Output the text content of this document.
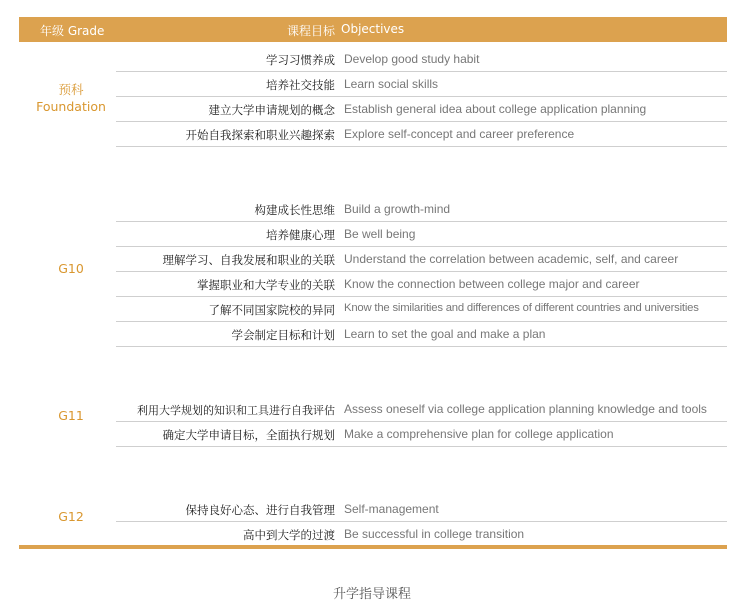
年级 Grade	课程目标 Objectives
预科
Foundation
学习习惯养成 Develop good study habit
培养社交技能 Learn social skills
建立大学申请规划的概念 Establish general idea about college application planning
开始自我探索和职业兴趣探索 Explore self-concept and career preference
G10
构建成长性思维 Build a growth-mind
培养健康心理 Be well being
理解学习、自我发展和职业的关联 Understand the correlation between academic, self, and career
掌握职业和大学专业的关联 Know the connection between college major and career
了解不同国家院校的异同 Know the similarities and differences of different countries and universities
学会制定目标和计划 Learn to set the goal and make a plan
G11	利用大学规划的知识和工具进行自我评估 Assess oneself via college application planning knowledge and tools
确定大学申请目标，全面执行规划 Make a comprehensive plan for college application
G12	保持良好心态、进行自我管理 Self-management
高中到大学的过渡 Be successful in college transition
升学指导课程
